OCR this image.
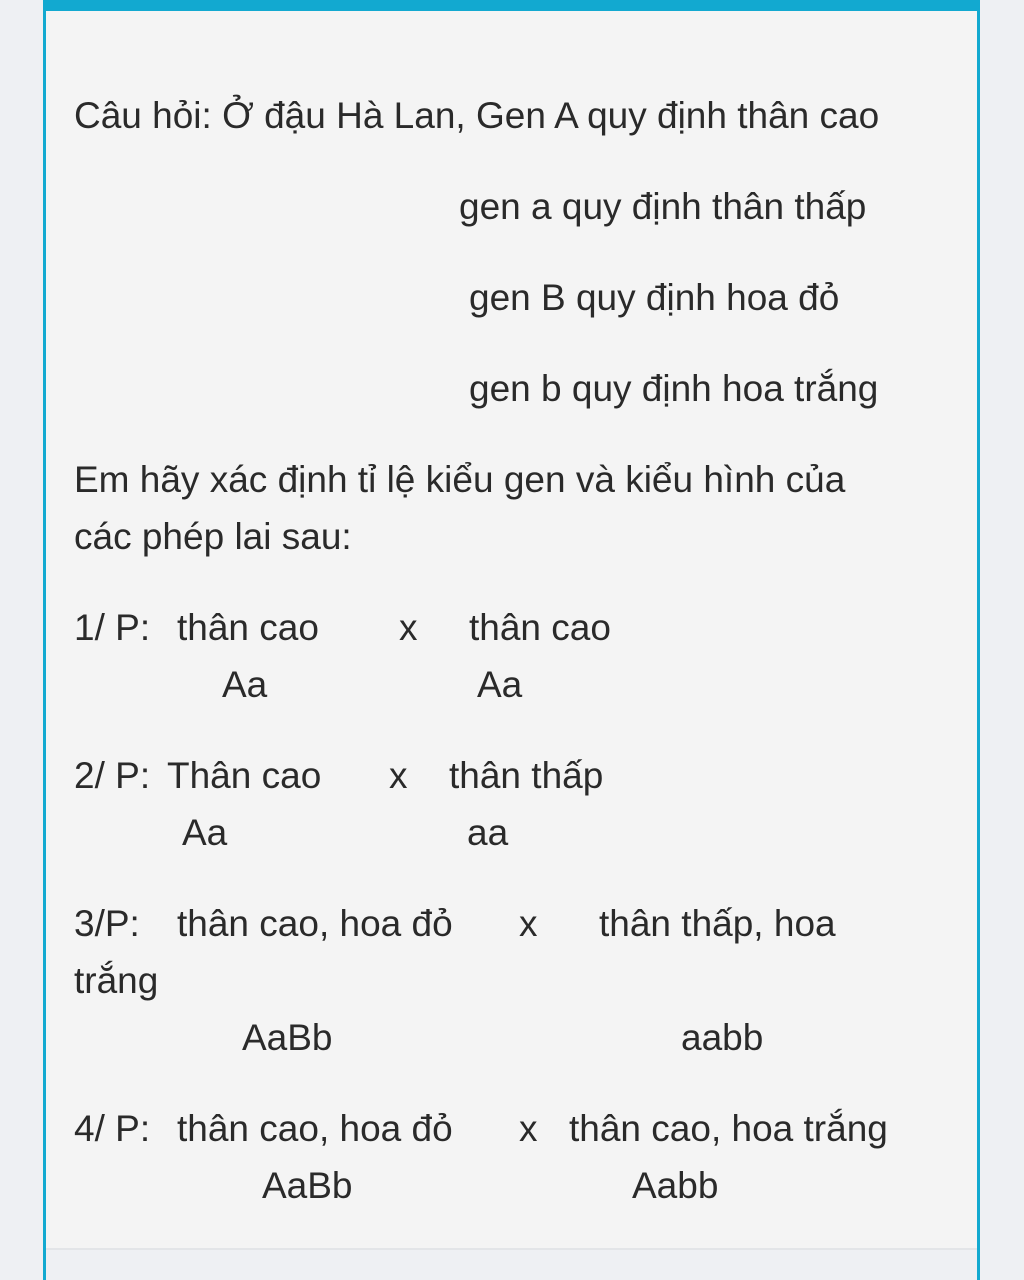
Câu hỏi: Ở đậu Hà Lan, Gen A quy định thân cao
gen a quy định thân thấp
gen B quy định hoa đỏ
gen b quy định hoa trắng
Em hãy xác định tỉ lệ kiểu gen và kiểu hình của
các phép lai sau:
1/ P: thân cao x thân cao
Aa	Aa
2/ P: Thân cao x thân thấp
Aa	aa
3/P: thân cao, hoa đỏ x thân thấp, hoa
trắng
AaBb	aabb
4/ P: thân cao, hoa đỏ x thân cao, hoa trắng
AaBb	Aabb
